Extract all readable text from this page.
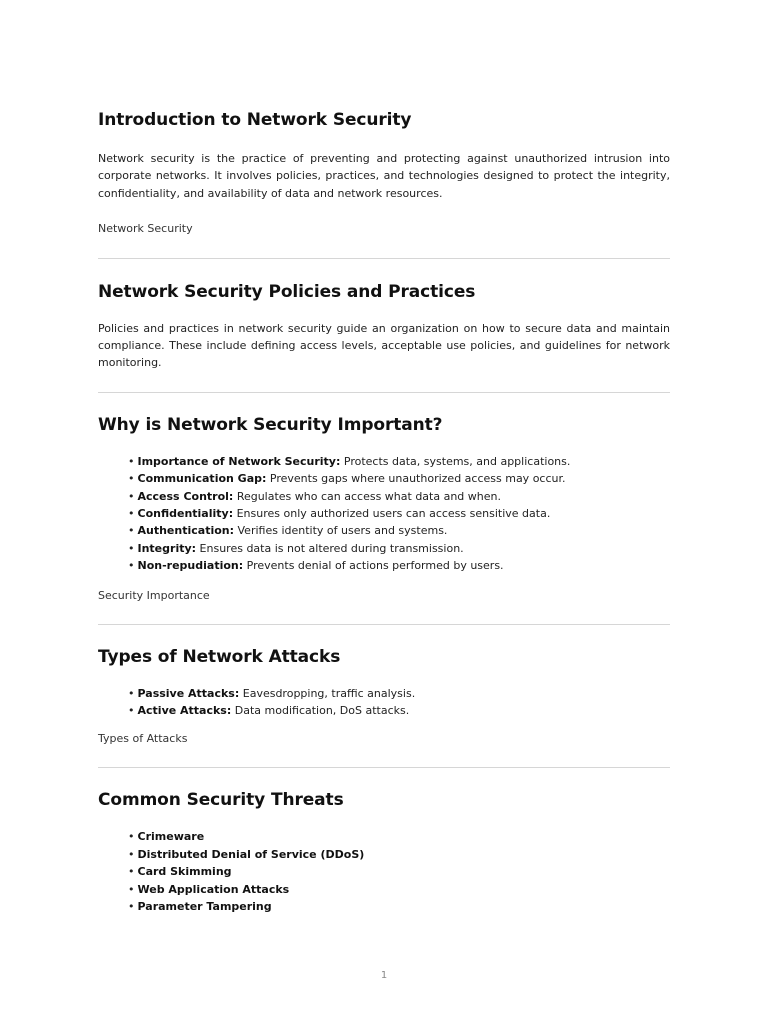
Introduction to Network Security

Network security is the practice of preventing and protecting against unauthorized intrusion into corporate networks. It involves policies, practices, and technologies designed to protect the integrity, confidentiality, and availability of data and network resources.

Network Security

Network Security Policies and Practices

Policies and practices in network security guide an organization on how to secure data and maintain compliance. These include defining access levels, acceptable use policies, and guidelines for network monitoring.

Why is Network Security Important?
• Importance of Network Security: Protects data, systems, and applications.
• Communication Gap: Prevents gaps where unauthorized access may occur.
• Access Control: Regulates who can access what data and when.
• Confidentiality: Ensures only authorized users can access sensitive data.
• Authentication: Verifies identity of users and systems.
• Integrity: Ensures data is not altered during transmission.
• Non-repudiation: Prevents denial of actions performed by users.

Security Importance

Types of Network Attacks
• Passive Attacks: Eavesdropping, traffic analysis.
• Active Attacks: Data modification, DoS attacks.

Types of Attacks

Common Security Threats
• Crimeware
• Distributed Denial of Service (DDoS)
• Card Skimming
• Web Application Attacks
• Parameter Tampering
1
